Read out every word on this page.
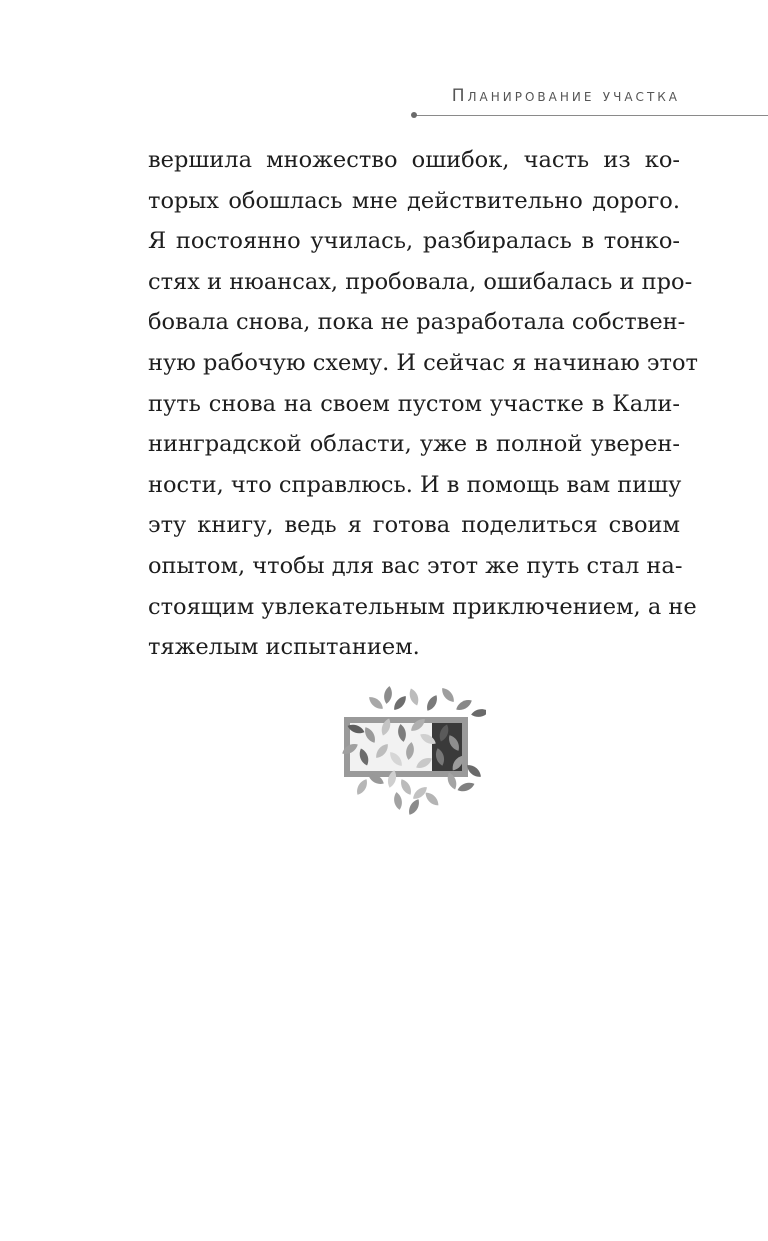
Планирование участка
вершила множество ошибок, часть из ко-
торых обошлась мне действительно дорого.
Я постоянно училась, разбиралась в тонко-
стях и нюансах, пробовала, ошибалась и про-
бовала снова, пока не разработала собствен-
ную рабочую схему. И сейчас я начинаю этот
путь снова на своем пустом участке в Кали-
нинградской области, уже в полной уверен-
ности, что справлюсь. И в помощь вам пишу
эту книгу, ведь я готова поделиться своим
опытом, чтобы для вас этот же путь стал на-
стоящим увлекательным приключением, а не
тяжелым испытанием.
